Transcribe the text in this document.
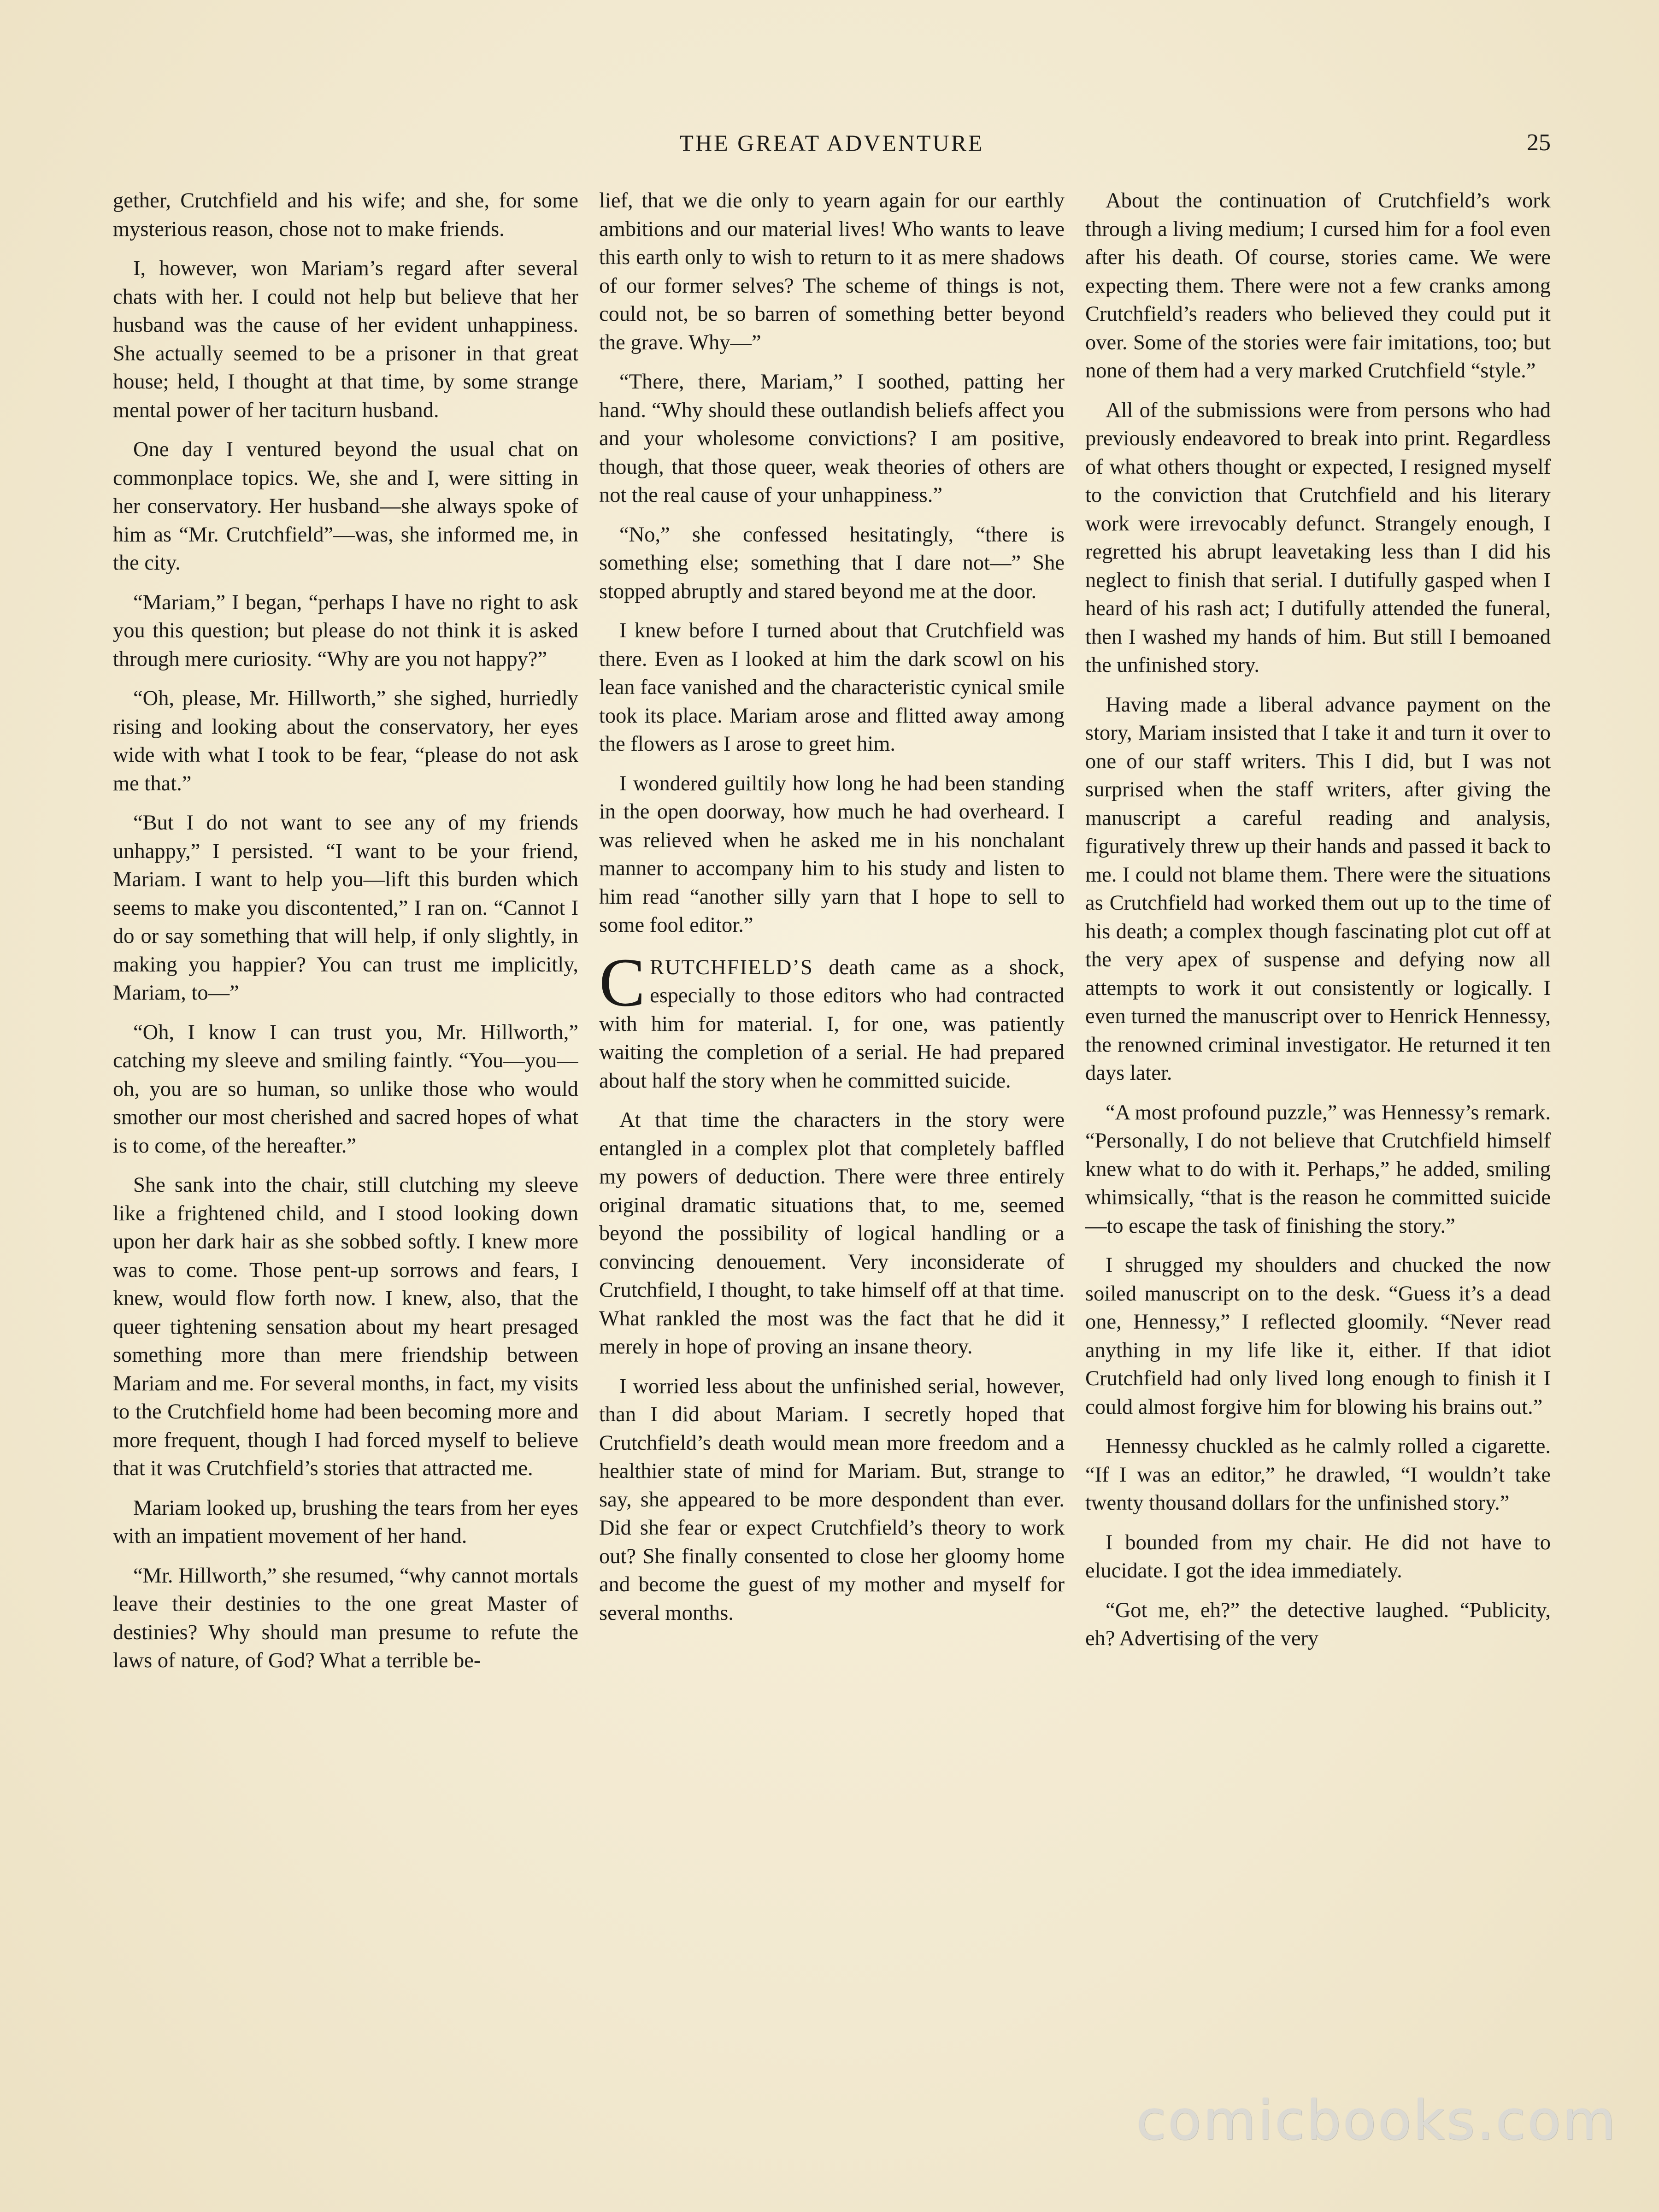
THE GREAT ADVENTURE	25

gether, Crutchfield and his wife; and she, for some mysterious reason, chose not to make friends.

I, however, won Mariam’s regard after several chats with her. I could not help but believe that her husband was the cause of her evident unhappiness. She actually seemed to be a prisoner in that great house; held, I thought at that time, by some strange mental power of her taciturn husband.

One day I ventured beyond the usual chat on commonplace topics. We, she and I, were sitting in her conservatory. Her husband—she always spoke of him as “Mr. Crutchfield”—was, she informed me, in the city.

“Mariam,” I began, “perhaps I have no right to ask you this question; but please do not think it is asked through mere curiosity. “Why are you not happy?”

“Oh, please, Mr. Hillworth,” she sighed, hurriedly rising and looking about the conservatory, her eyes wide with what I took to be fear, “please do not ask me that.”

“But I do not want to see any of my friends unhappy,” I persisted. “I want to be your friend, Mariam. I want to help you—lift this burden which seems to make you discontented,” I ran on. “Cannot I do or say something that will help, if only slightly, in making you happier? You can trust me implicitly, Mariam, to—”

“Oh, I know I can trust you, Mr. Hillworth,” catching my sleeve and smiling faintly. “You—you—oh, you are so human, so unlike those who would smother our most cherished and sacred hopes of what is to come, of the hereafter.”

She sank into the chair, still clutching my sleeve like a frightened child, and I stood looking down upon her dark hair as she sobbed softly. I knew more was to come. Those pent-up sorrows and fears, I knew, would flow forth now. I knew, also, that the queer tightening sensation about my heart presaged something more than mere friendship between Mariam and me. For several months, in fact, my visits to the Crutchfield home had been becoming more and more frequent, though I had forced myself to believe that it was Crutchfield’s stories that attracted me.

Mariam looked up, brushing the tears from her eyes with an impatient movement of her hand.

“Mr. Hillworth,” she resumed, “why cannot mortals leave their destinies to the one great Master of destinies? Why should man presume to refute the laws of nature, of God? What a terrible be-

lief, that we die only to yearn again for our earthly ambitions and our material lives! Who wants to leave this earth only to wish to return to it as mere shadows of our former selves? The scheme of things is not, could not, be so barren of something better beyond the grave. Why—”

“There, there, Mariam,” I soothed, patting her hand. “Why should these outlandish beliefs affect you and your wholesome convictions? I am positive, though, that those queer, weak theories of others are not the real cause of your unhappiness.”

“No,” she confessed hesitatingly, “there is something else; something that I dare not—” She stopped abruptly and stared beyond me at the door.

I knew before I turned about that Crutchfield was there. Even as I looked at him the dark scowl on his lean face vanished and the characteristic cynical smile took its place. Mariam arose and flitted away among the flowers as I arose to greet him.

I wondered guiltily how long he had been standing in the open doorway, how much he had overheard. I was relieved when he asked me in his nonchalant manner to accompany him to his study and listen to him read “another silly yarn that I hope to sell to some fool editor.”

CRUTCHFIELD’S death came as a shock, especially to those editors who had contracted with him for material. I, for one, was patiently waiting the completion of a serial. He had prepared about half the story when he committed suicide.

At that time the characters in the story were entangled in a complex plot that completely baffled my powers of deduction. There were three entirely original dramatic situations that, to me, seemed beyond the possibility of logical handling or a convincing denouement. Very inconsiderate of Crutchfield, I thought, to take himself off at that time. What rankled the most was the fact that he did it merely in hope of proving an insane theory.

I worried less about the unfinished serial, however, than I did about Mariam. I secretly hoped that Crutchfield’s death would mean more freedom and a healthier state of mind for Mariam. But, strange to say, she appeared to be more despondent than ever. Did she fear or expect Crutchfield’s theory to work out? She finally consented to close her gloomy home and become the guest of my mother and myself for several months.

About the continuation of Crutchfield’s work through a living medium; I cursed him for a fool even after his death. Of course, stories came. We were expecting them. There were not a few cranks among Crutchfield’s readers who believed they could put it over. Some of the stories were fair imitations, too; but none of them had a very marked Crutchfield “style.”

All of the submissions were from persons who had previously endeavored to break into print. Regardless of what others thought or expected, I resigned myself to the conviction that Crutchfield and his literary work were irrevocably defunct. Strangely enough, I regretted his abrupt leavetaking less than I did his neglect to finish that serial. I dutifully gasped when I heard of his rash act; I dutifully attended the funeral, then I washed my hands of him. But still I bemoaned the unfinished story.

Having made a liberal advance payment on the story, Mariam insisted that I take it and turn it over to one of our staff writers. This I did, but I was not surprised when the staff writers, after giving the manuscript a careful reading and analysis, figuratively threw up their hands and passed it back to me. I could not blame them. There were the situations as Crutchfield had worked them out up to the time of his death; a complex though fascinating plot cut off at the very apex of suspense and defying now all attempts to work it out consistently or logically. I even turned the manuscript over to Henrick Hennessy, the renowned criminal investigator. He returned it ten days later.

“A most profound puzzle,” was Hennessy’s remark. “Personally, I do not believe that Crutchfield himself knew what to do with it. Perhaps,” he added, smiling whimsically, “that is the reason he committed suicide—to escape the task of finishing the story.”

I shrugged my shoulders and chucked the now soiled manuscript on to the desk. “Guess it’s a dead one, Hennessy,” I reflected gloomily. “Never read anything in my life like it, either. If that idiot Crutchfield had only lived long enough to finish it I could almost forgive him for blowing his brains out.”

Hennessy chuckled as he calmly rolled a cigarette. “If I was an editor,” he drawled, “I wouldn’t take twenty thousand dollars for the unfinished story.”

I bounded from my chair. He did not have to elucidate. I got the idea immediately.

“Got me, eh?” the detective laughed. “Publicity, eh? Advertising of the very

comicbooks.com
